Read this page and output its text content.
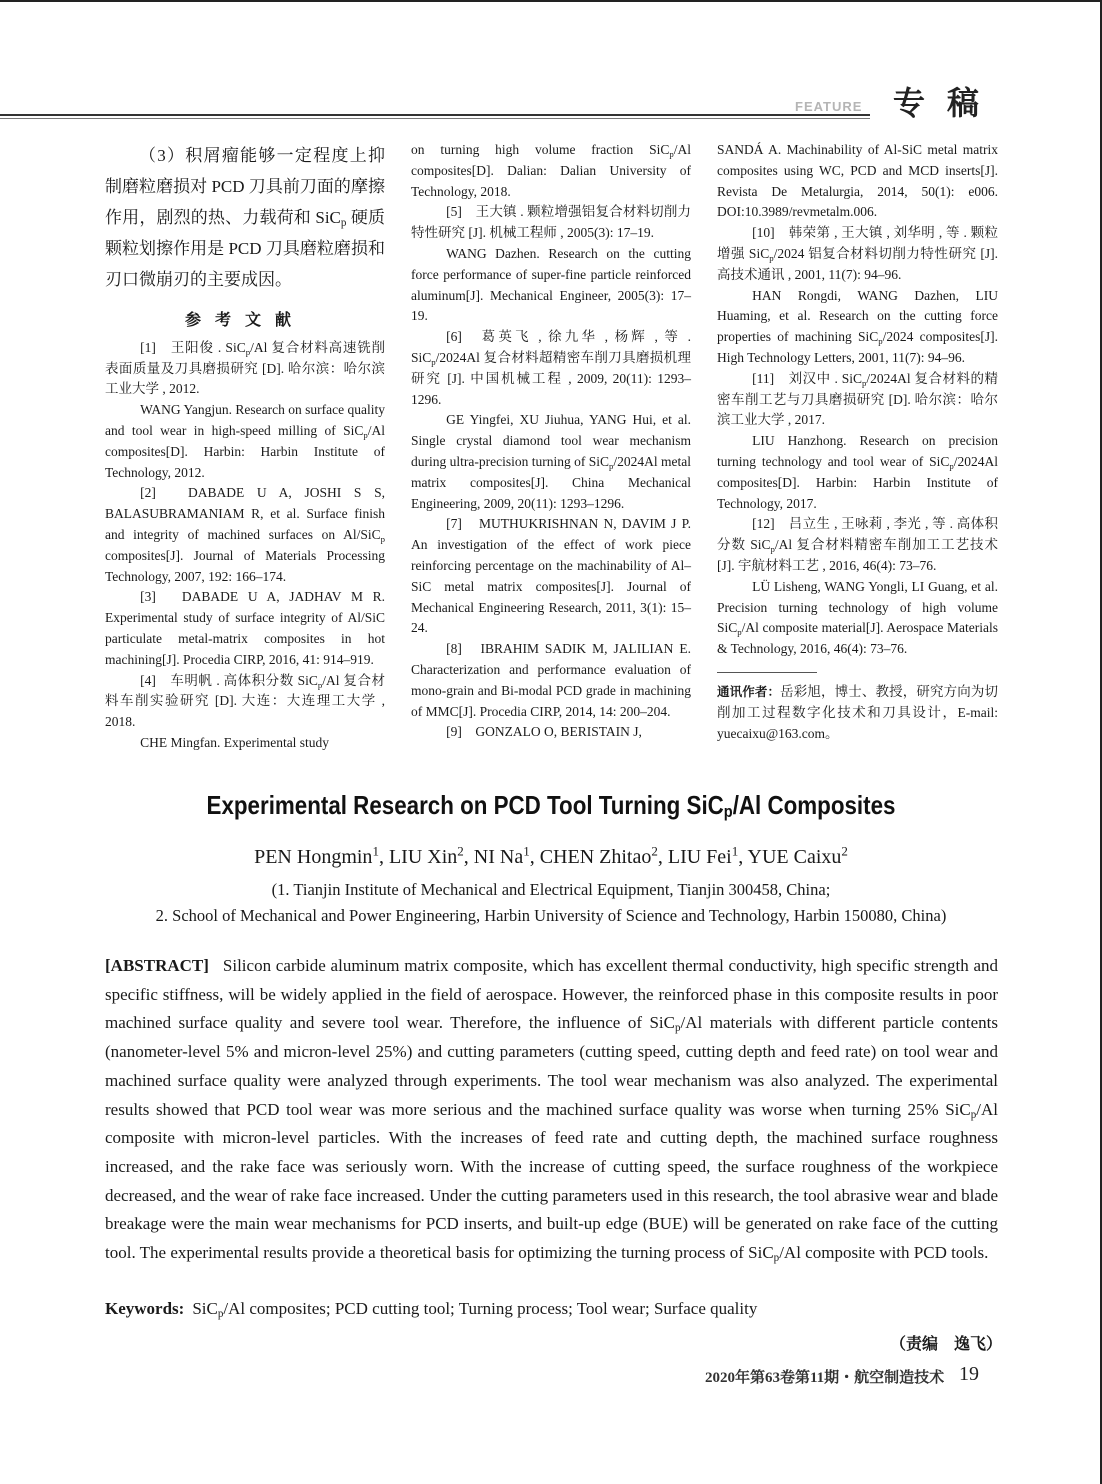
FEATURE 专稿

（3）积屑瘤能够一定程度上抑制磨粒磨损对 PCD 刀具前刀面的摩擦作用，剧烈的热、力载荷和 SiC$_p$ 硬质颗粒划擦作用是 PCD 刀具磨粒磨损和刃口微崩刃的主要成因。

参考文献

[1]　王阳俊 . SiC$_p$/Al 复合材料高速铣削表面质量及刀具磨损研究 [D]. 哈尔滨：哈尔滨工业大学 , 2012.

WANG Yangjun. Research on surface quality and tool wear in high-speed milling of SiC$_p$/Al composites[D]. Harbin: Harbin Institute of Technology, 2012.

[2]　DABADE U A, JOSHI S S, BALASUBRAMANIAM R, et al. Surface finish and integrity of machined surfaces on Al/SiC$_p$ composites[J]. Journal of Materials Processing Technology, 2007, 192: 166–174.

[3]　DABADE U A, JADHAV M R. Experimental study of surface integrity of Al/SiC particulate metal-matrix composites in hot machining[J]. Procedia CIRP, 2016, 41: 914–919.

[4]　车明帆 . 高体积分数 SiC$_p$/Al 复合材料车削实验研究 [D]. 大连：大连理工大学 , 2018.

CHE Mingfan. Experimental study

on turning high volume fraction SiC$_p$/Al composites[D]. Dalian: Dalian University of Technology, 2018.

[5]　王大镇 . 颗粒增强铝复合材料切削力特性研究 [J]. 机械工程师 , 2005(3): 17–19.

WANG Dazhen. Research on the cutting force performance of super-fine particle reinforced aluminum[J]. Mechanical Engineer, 2005(3): 17–19.

[6]　葛英飞 , 徐九华 , 杨辉 , 等 . SiC$_p$/2024Al 复合材料超精密车削刀具磨损机理研究 [J]. 中国机械工程 , 2009, 20(11): 1293–1296.

GE Yingfei, XU Jiuhua, YANG Hui, et al. Single crystal diamond tool wear mechanism during ultra-precision turning of SiC$_p$/2024Al metal matrix composites[J]. China Mechanical Engineering, 2009, 20(11): 1293–1296.

[7]　MUTHUKRISHNAN N, DAVIM J P. An investigation of the effect of work piece reinforcing percentage on the machinability of Al–SiC metal matrix composites[J]. Journal of Mechanical Engineering Research, 2011, 3(1): 15–24.

[8]　IBRAHIM SADIK M, JALILIAN E. Characterization and performance evaluation of mono-grain and Bi-modal PCD grade in machining of MMC[J]. Procedia CIRP, 2014, 14: 200–204.

[9]　GONZALO O, BERISTAIN J,

SANDÁ A. Machinability of Al-SiC metal matrix composites using WC, PCD and MCD inserts[J]. Revista De Metalurgia, 2014, 50(1): e006. DOI:10.3989/revmetalm.006.

[10]　韩荣第 , 王大镇 , 刘华明 , 等 . 颗粒增强 SiC$_p$/2024 铝复合材料切削力特性研究 [J]. 高技术通讯 , 2001, 11(7): 94–96.

HAN Rongdi, WANG Dazhen, LIU Huaming, et al. Research on the cutting force properties of machining SiC$_p$/2024 composites[J]. High Technology Letters, 2001, 11(7): 94–96.

[11]　刘汉中 . SiC$_p$/2024Al 复合材料的精密车削工艺与刀具磨损研究 [D]. 哈尔滨：哈尔滨工业大学 , 2017.

LIU Hanzhong. Research on precision turning technology and tool wear of SiC$_p$/2024Al composites[D]. Harbin: Harbin Institute of Technology, 2017.

[12]　吕立生 , 王咏莉 , 李光 , 等 . 高体积分数 SiC$_p$/Al 复合材料精密车削加工工艺技术 [J]. 宇航材料工艺 , 2016, 46(4): 73–76.

LÜ Lisheng, WANG Yongli, LI Guang, et al. Precision turning technology of high volume SiC$_p$/Al composite material[J]. Aerospace Materials & Technology, 2016, 46(4): 73–76.

通讯作者：岳彩旭，博士、教授，研究方向为切削加工过程数字化技术和刀具设计，E-mail: yuecaixu@163.com。
Experimental Research on PCD Tool Turning SiC$_p$/Al Composites
PEN Hongmin$^1$, LIU Xin$^2$, NI Na$^1$, CHEN Zhitao$^2$, LIU Fei$^1$, YUE Caixu$^2$
(1. Tianjin Institute of Mechanical and Electrical Equipment, Tianjin 300458, China;
2. School of Mechanical and Power Engineering, Harbin University of Science and Technology, Harbin 150080, China)
[ABSTRACT] Silicon carbide aluminum matrix composite, which has excellent thermal conductivity, high specific strength and specific stiffness, will be widely applied in the field of aerospace. However, the reinforced phase in this composite results in poor machined surface quality and severe tool wear. Therefore, the influence of SiC$_p$/Al materials with different particle contents (nanometer-level 5% and micron-level 25%) and cutting parameters (cutting speed, cutting depth and feed rate) on tool wear and machined surface quality were analyzed through experiments. The tool wear mechanism was also analyzed. The experimental results showed that PCD tool wear was more serious and the machined surface quality was worse when turning 25% SiC$_p$/Al composite with micron-level particles. With the increases of feed rate and cutting depth, the machined surface roughness increased, and the rake face was seriously worn. With the increase of cutting speed, the surface roughness of the workpiece decreased, and the wear of rake face increased. Under the cutting parameters used in this research, the tool abrasive wear and blade breakage were the main wear mechanisms for PCD inserts, and built-up edge (BUE) will be generated on rake face of the cutting tool. The experimental results provide a theoretical basis for optimizing the turning process of SiC$_p$/Al composite with PCD tools.
Keywords: SiC$_p$/Al composites; PCD cutting tool; Turning process; Tool wear; Surface quality
（责编　逸飞）
2020年第63卷第11期・航空制造技术 19
